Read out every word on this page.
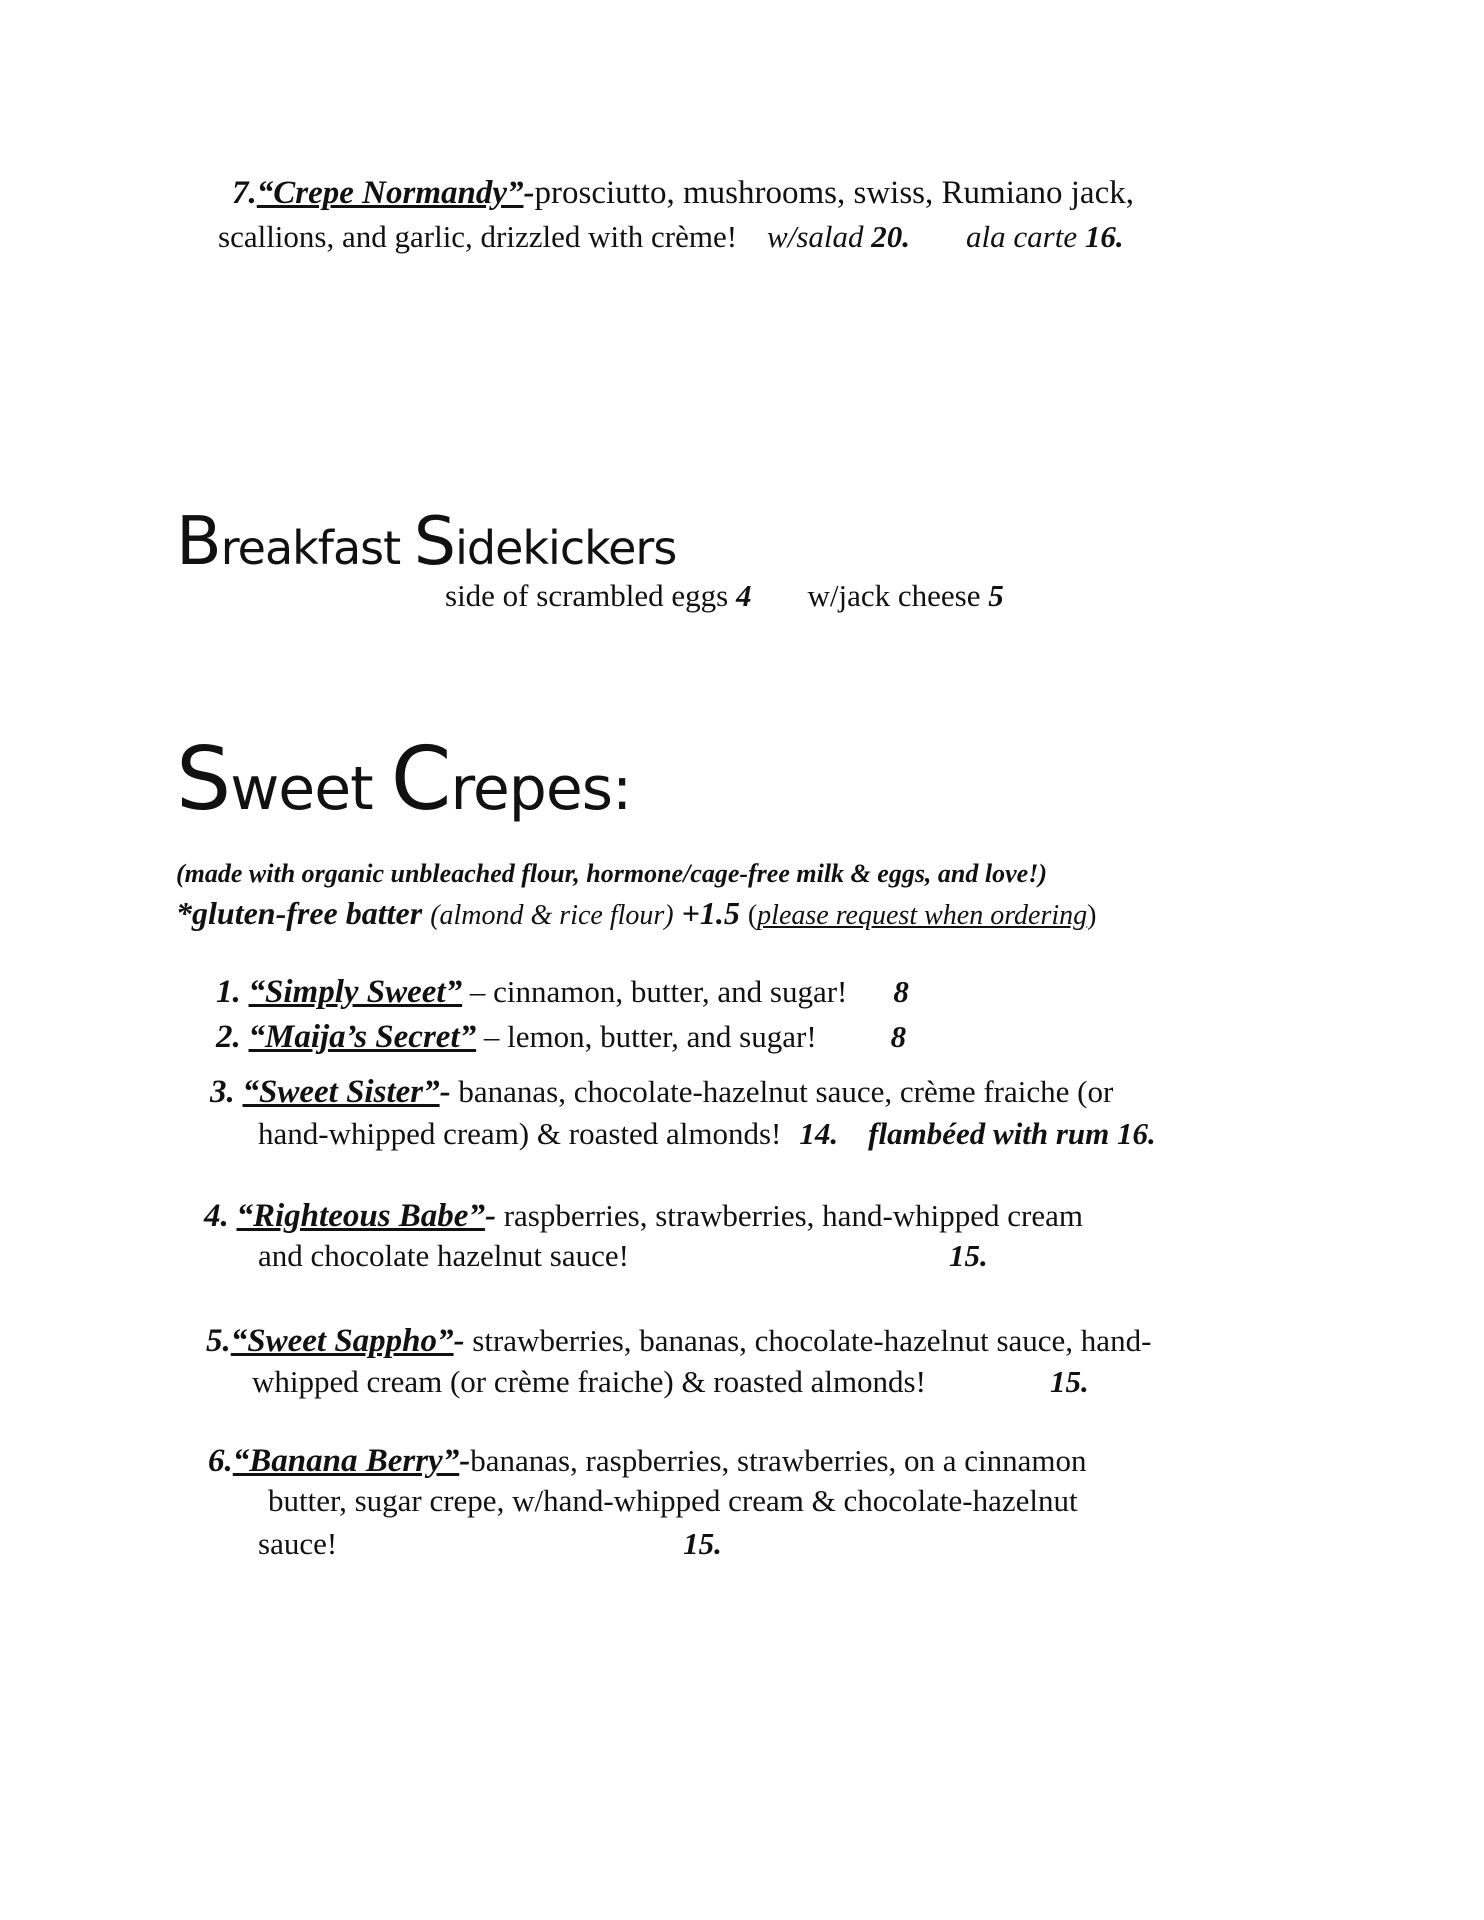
7.“Crepe Normandy”-prosciutto, mushrooms, swiss, Rumiano jack,
scallions, and garlic, drizzled with crème! w/salad 20. ala carte 16.
Breakfast Sidekickers
side of scrambled eggs 4 w/jack cheese 5
Sweet Crepes:
(made with organic unbleached flour, hormone/cage-free milk & eggs, and love!)
*gluten-free batter (almond & rice flour) +1.5 (please request when ordering)
1. “Simply Sweet” – cinnamon, butter, and sugar! 8
2. “Maija’s Secret” – lemon, butter, and sugar! 8
3. “Sweet Sister”- bananas, chocolate-hazelnut sauce, crème fraiche (or
hand-whipped cream) & roasted almonds! 14. flambéed with rum 16.
4. “Righteous Babe”- raspberries, strawberries, hand-whipped cream
and chocolate hazelnut sauce!	15.
5.“Sweet Sappho”- strawberries, bananas, chocolate-hazelnut sauce, hand-
whipped cream (or crème fraiche) & roasted almonds!	15.
6.“Banana Berry”-bananas, raspberries, strawberries, on a cinnamon
butter, sugar crepe, w/hand-whipped cream & chocolate-hazelnut
sauce!	15.
